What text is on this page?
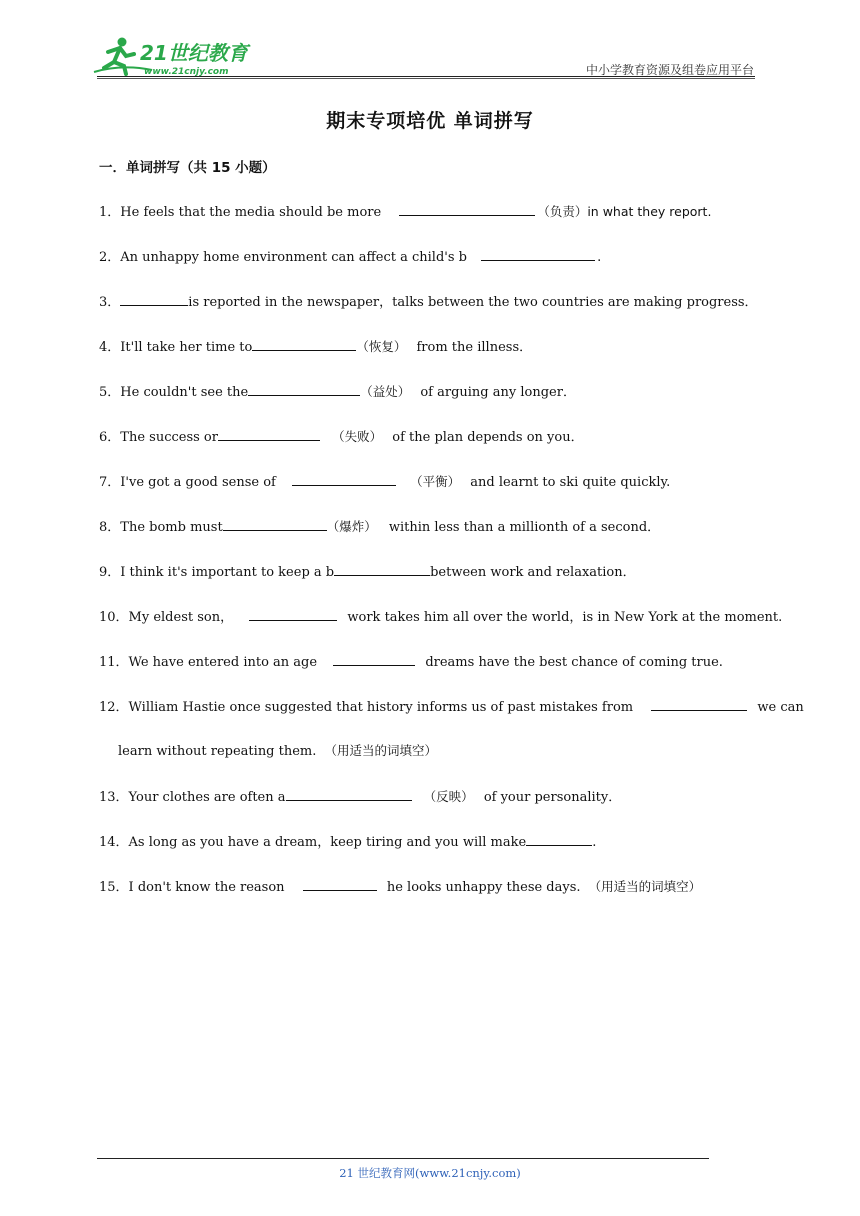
21世纪教育
www.21cnjy.com	中小学教育资源及组卷应用平台
期末专项培优 单词拼写
一．单词拼写（共 15 小题）
1．He feels that the media should be more	（负责）in what they report.
2．An unhappy home environment can affect a child's b	.
3．	is reported in the newspaper，talks between the two countries are making progress．
4．It'll take her time to	（恢复） from the illness．
5．He couldn't see the	（益处） of arguing any longer．
6．The success or	（失败） of the plan depends on you．
7．I've got a good sense of	（平衡） and learnt to ski quite quickly.
8．The bomb must	（爆炸） within less than a millionth of a second．
9．I think it's important to keep a b	between work and relaxation．
10．My eldest son，	work takes him all over the world，is in New York at the moment.
11．We have entered into an age	dreams have the best chance of coming true.
12．William Hastie once suggested that history informs us of past mistakes from	we can
learn without repeating them. （用适当的词填空）
13．Your clothes are often a	（反映） of your personality．
14．As long as you have a dream，keep tiring and you will make	.
15．I don't know the reason	he looks unhappy these days. （用适当的词填空）
21 世纪教育网(www.21cnjy.com)
